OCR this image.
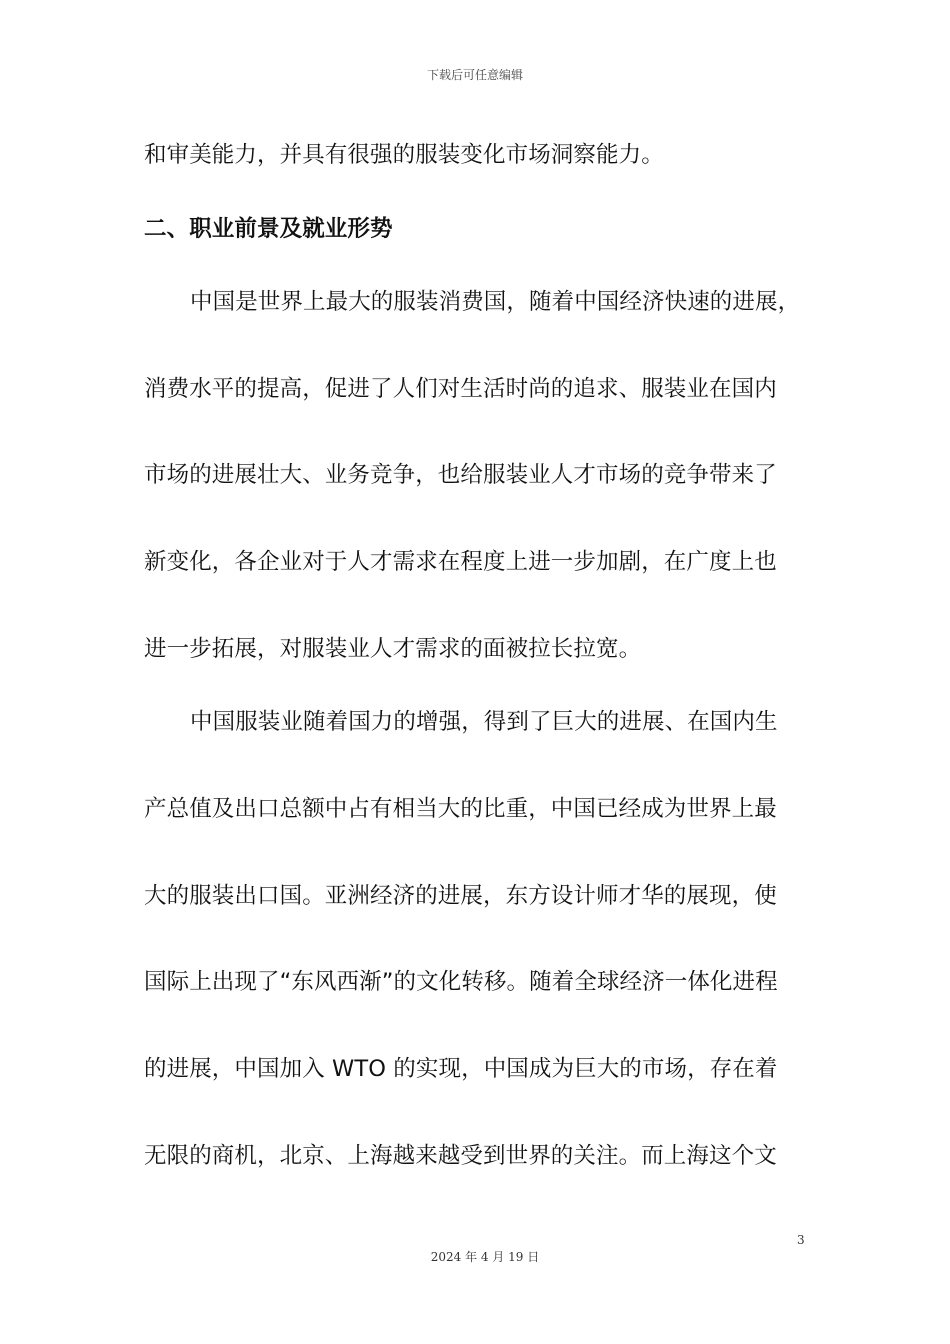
下载后可任意编辑
和审美能力，并具有很强的服装变化市场洞察能力。
二、职业前景及就业形势
中国是世界上最大的服装消费国，随着中国经济快速的进展，
消费水平的提高，促进了人们对生活时尚的追求、服装业在国内
市场的进展壮大、业务竞争，也给服装业人才市场的竞争带来了
新变化，各企业对于人才需求在程度上进一步加剧，在广度上也
进一步拓展，对服装业人才需求的面被拉长拉宽。
中国服装业随着国力的增强，得到了巨大的进展、在国内生
产总值及出口总额中占有相当大的比重，中国已经成为世界上最
大的服装出口国。亚洲经济的进展，东方设计师才华的展现，使
国际上出现了“东风西渐”的文化转移。随着全球经济一体化进程
的进展，中国加入 WTO 的实现，中国成为巨大的市场，存在着
无限的商机，北京、上海越来越受到世界的关注。而上海这个文
3
2024 年 4 月 19 日
